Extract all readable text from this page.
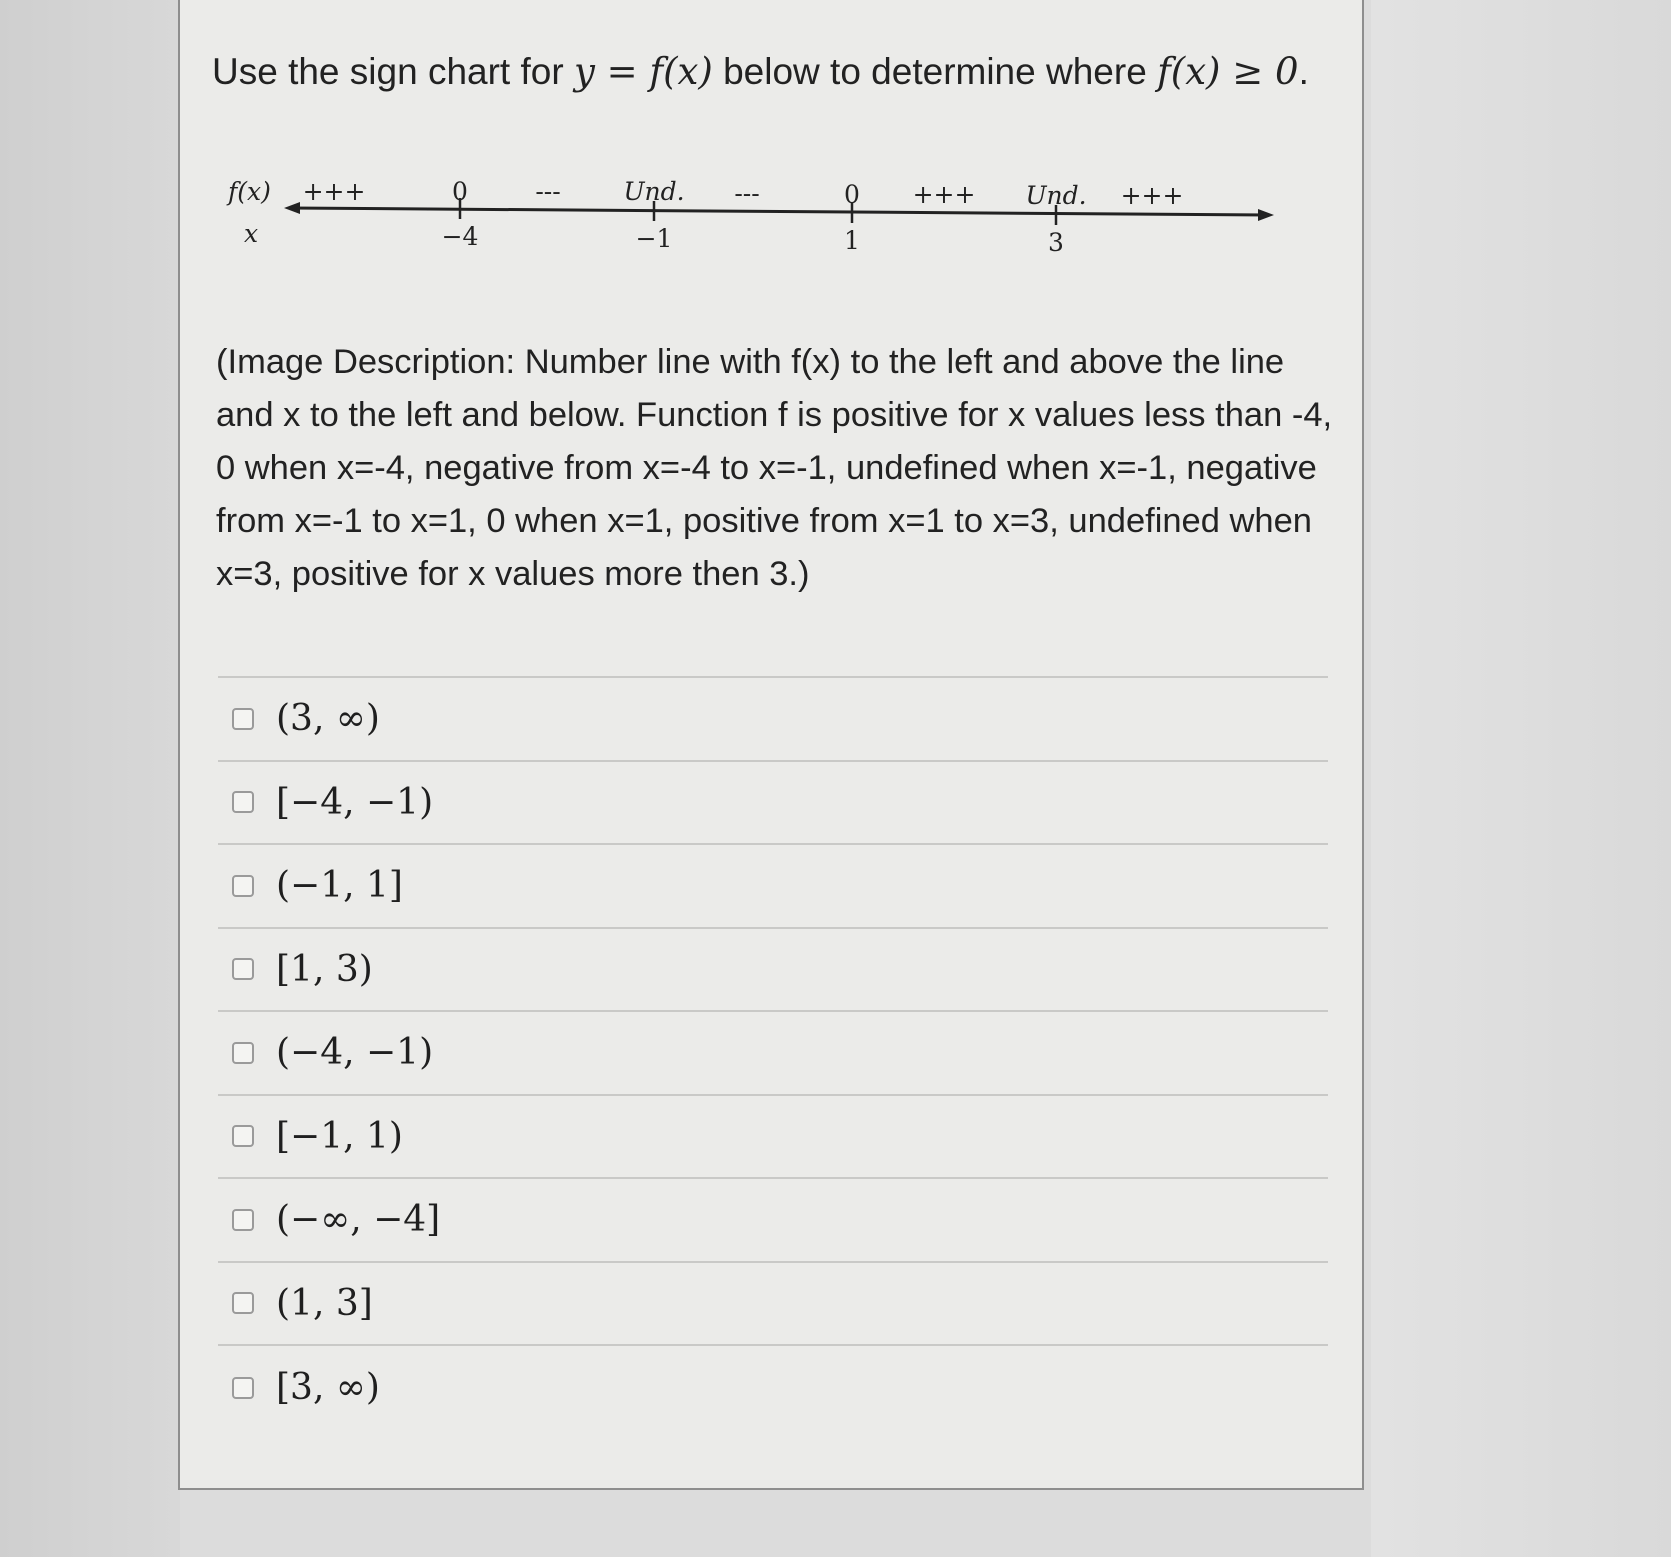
Use the sign chart for y = f(x) below to determine where f(x) ≥ 0.
f(x)
x
+++	0	---	Und. ---	0 +++ Und. +++
−4	−1	1	3
(Image Description: Number line with f(x) to the left and above the line and x to the left and below. Function f is positive for x values less than -4, 0 when x=-4, negative from x=-4 to x=-1, undefined when x=-1, negative from x=-1 to x=1, 0 when x=1, positive from x=1 to x=3, undefined when x=3, positive for x values more then 3.)
(3, ∞)
[−4, −1)
(−1, 1]
[1, 3)
(−4, −1)
[−1, 1)
(−∞, −4]
(1, 3]
[3, ∞)
